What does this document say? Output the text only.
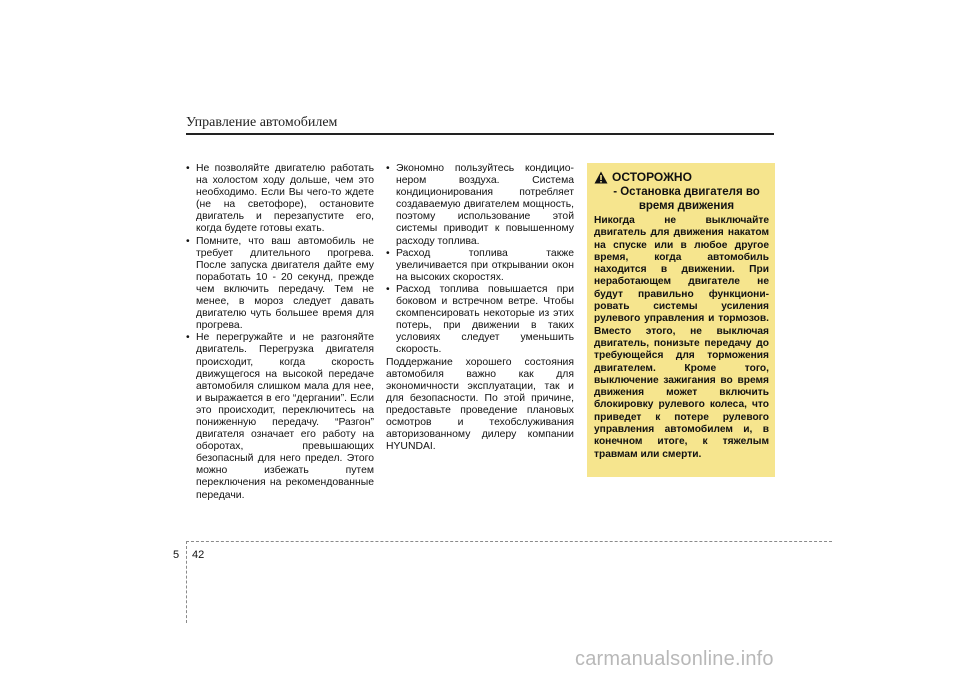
Управление автомобилем
• Не позволяйте двигателю работать на холостом ходу дольше, чем это необходимо. Если Вы чего-то ждете (не на светофоре), остановите двигатель и перезапустите его, когда будете готовы ехать.
• Помните, что ваш автомобиль не требует длительного прогрева. После запуска двигателя дайте ему поработать 10 - 20 секунд, прежде чем включить передачу. Тем не менее, в мороз следует давать двигателю чуть большее время для прогрева.
• Не перегружайте и не разгоняйте двигатель. Перегрузка двигателя происходит, когда скорость движущегося на высокой передаче автомобиля слишком мала для нее, и выражается в его “дергании”. Если это происходит, переключитесь на пониженную передачу. “Разгон” двигателя означает его работу на оборотах, превышающих безопасный для него предел. Этого можно избежать путем переключения на рекомендованные передачи.
• Экономно пользуйтесь кондицио- нером воздуха. Система кондиционирования потребляет создаваемую двигателем мощность, поэтому использование этой системы приводит к повышенному расходу топлива.
• Расход топлива также увеличивается при открывании окон на высоких скоростях.
• Расход топлива повышается при боковом и встречном ветре. Чтобы скомпенсировать некоторые из этих потерь, при движении в таких условиях следует уменьшить скорость.

Поддержание хорошего состояния автомобиля важно как для экономичности эксплуатации, так и для безопасности. По этой причине, предоставьте проведение плановых осмотров и техобслуживания авторизованному дилеру компании HYUNDAI.

ОСТОРОЖНО
- Остановка двигателя во время движения
Никогда не выключайте двигатель для движения накатом на спуске или в любое другое время, когда автомобиль находится в движении. При неработающем двигателе не будут правильно функциони- ровать системы усиления рулевого управления и тормозов. Вместо этого, не выключая двигатель, понизьте передачу до требующейся для торможения двигателем. Кроме того, выключение зажигания во время движения может включить блокировку рулевого колеса, что приведет к потере рулевого управления автомобилем и, в конечном итоге, к тяжелым травмам или смерти.
5 42
carmanualsonline.info
